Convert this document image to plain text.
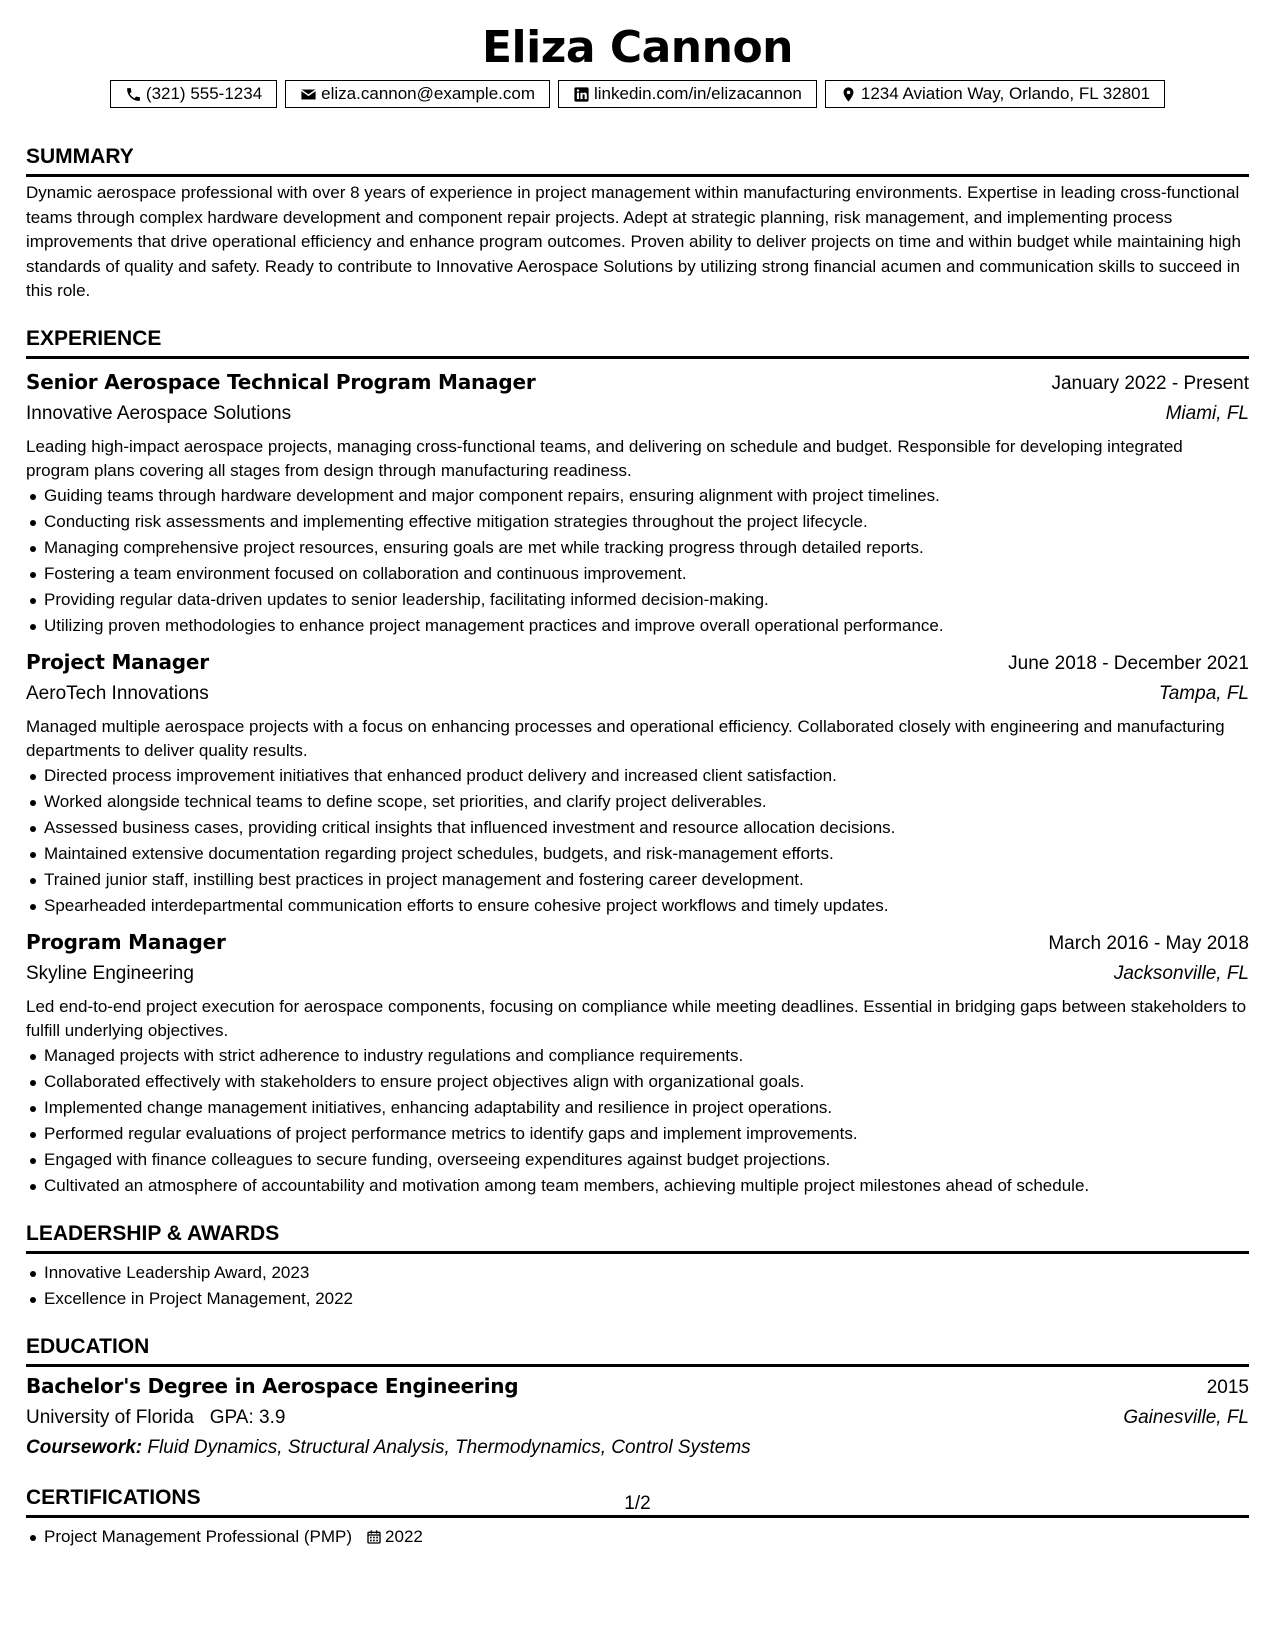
Eliza Cannon
(321) 555-1234	eliza.cannon@example.com	linkedin.com/in/elizacannon	1234 Aviation Way, Orlando, FL 32801
SUMMARY
Dynamic aerospace professional with over 8 years of experience in project management within manufacturing environments. Expertise in leading cross-functional teams through complex hardware development and component repair projects. Adept at strategic planning, risk management, and implementing process improvements that drive operational efficiency and enhance program outcomes. Proven ability to deliver projects on time and within budget while maintaining high standards of quality and safety. Ready to contribute to Innovative Aerospace Solutions by utilizing strong financial acumen and communication skills to succeed in this role.
EXPERIENCE
Senior Aerospace Technical Program Manager	January 2022 - Present
Innovative Aerospace Solutions	Miami, FL
Leading high-impact aerospace projects, managing cross-functional teams, and delivering on schedule and budget. Responsible for developing integrated program plans covering all stages from design through manufacturing readiness.
Guiding teams through hardware development and major component repairs, ensuring alignment with project timelines.
Conducting risk assessments and implementing effective mitigation strategies throughout the project lifecycle.
Managing comprehensive project resources, ensuring goals are met while tracking progress through detailed reports.
Fostering a team environment focused on collaboration and continuous improvement.
Providing regular data-driven updates to senior leadership, facilitating informed decision-making.
Utilizing proven methodologies to enhance project management practices and improve overall operational performance.
Project Manager	June 2018 - December 2021
AeroTech Innovations	Tampa, FL
Managed multiple aerospace projects with a focus on enhancing processes and operational efficiency. Collaborated closely with engineering and manufacturing departments to deliver quality results.
Directed process improvement initiatives that enhanced product delivery and increased client satisfaction.
Worked alongside technical teams to define scope, set priorities, and clarify project deliverables.
Assessed business cases, providing critical insights that influenced investment and resource allocation decisions.
Maintained extensive documentation regarding project schedules, budgets, and risk-management efforts.
Trained junior staff, instilling best practices in project management and fostering career development.
Spearheaded interdepartmental communication efforts to ensure cohesive project workflows and timely updates.
Program Manager	March 2016 - May 2018
Skyline Engineering	Jacksonville, FL
Led end-to-end project execution for aerospace components, focusing on compliance while meeting deadlines. Essential in bridging gaps between stakeholders to fulfill underlying objectives.
Managed projects with strict adherence to industry regulations and compliance requirements.
Collaborated effectively with stakeholders to ensure project objectives align with organizational goals.
Implemented change management initiatives, enhancing adaptability and resilience in project operations.
Performed regular evaluations of project performance metrics to identify gaps and implement improvements.
Engaged with finance colleagues to secure funding, overseeing expenditures against budget projections.
Cultivated an atmosphere of accountability and motivation among team members, achieving multiple project milestones ahead of schedule.
LEADERSHIP & AWARDS
Innovative Leadership Award, 2023
Excellence in Project Management, 2022
EDUCATION
Bachelor's Degree in Aerospace Engineering	2015
University of Florida GPA: 3.9	Gainesville, FL
Coursework: Fluid Dynamics, Structural Analysis, Thermodynamics, Control Systems
CERTIFICATIONS
Project Management Professional (PMP) 2022
1/2
